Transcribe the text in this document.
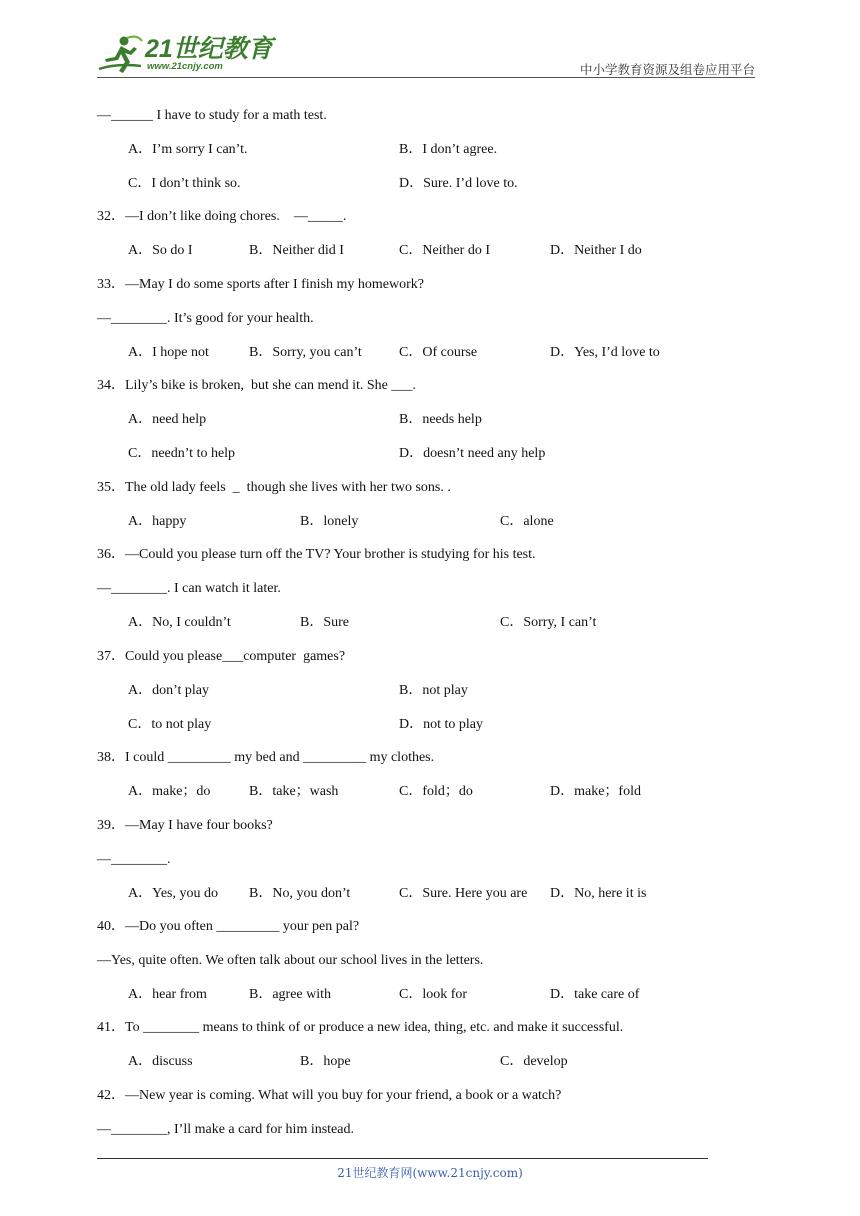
21世纪教育
www.21cnjy.com	中小学教育资源及组卷应用平台
—______ I have to study for a math test.
A．I’m sorry I can’t.	B．I don’t agree.
C．I don’t think so.	D．Sure. I’d love to.
32．—I don’t like doing chores.    —_____.
A．So do I	B．Neither did I	C．Neither do I	D．Neither I do
33．—May I do some sports after I finish my homework?
—________. It’s good for your health.
A．I hope not	B．Sorry, you can’t	C．Of course	D．Yes, I’d love to
34．Lily’s bike is broken,  but she can mend it. She ___.
A．need help	B．needs help
C．needn’t to help	D．doesn’t need any help
35．The old lady feels  _  though she lives with her two sons. .
A．happy	B．lonely	C．alone
36．—Could you please turn off the TV? Your brother is studying for his test.
—________. I can watch it later.
A．No, I couldn’t	B．Sure	C．Sorry, I can’t
37．Could you please___computer  games?
A．don’t play	B．not play
C．to not play	D．not to play
38．I could _________ my bed and _________ my clothes.
A．make；do	B．take；wash	C．fold；do	D．make；fold
39．—May I have four books?
—________.
A．Yes, you do B．No, you don’t	C．Sure. Here you are D．No, here it is
40．—Do you often _________ your pen pal?
—Yes, quite often. We often talk about our school lives in the letters.
A．hear from	B．agree with	C．look for	D．take care of
41．To ________ means to think of or produce a new idea, thing, etc. and make it successful.
A．discuss	B．hope	C．develop
42．—New year is coming. What will you buy for your friend, a book or a watch?
—________, I’ll make a card for him instead.
21世纪教育网(www.21cnjy.com)
